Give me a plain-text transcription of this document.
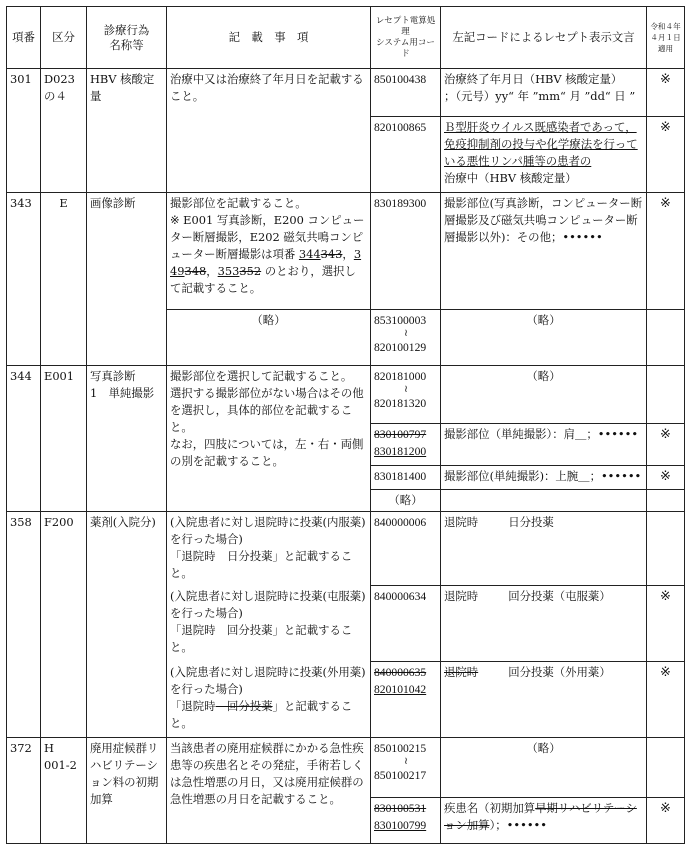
項番	区分	診療行為
名称等	記　載　事　項	レセプト電算処理
システム用コード	左記コードによるレセプト表示文言	令和４年
４月１日
適用

301	D023
の４	HBV 核酸定量	治療中又は治療終了年月日を記載すること。	850100438	治療終了年月日（HBV 核酸定量）
；（元号）yy“ 年 ”mm“ 月 ”dd“ 日 ”	※
				820100865	Ｂ型肝炎ウイルス既感染者であって，免疫抑制剤の投与や化学療法を行っている悪性リンパ腫等の患者の
治療中（HBV 核酸定量）	※
343	E	画像診断	撮影部位を記載すること。
※ E001 写真診断，E200 コンピューター断層撮影，E202 磁気共鳴コンピューター断層撮影は項番 344343，349348，353352 のとおり，選択して記載すること。	830189300	撮影部位(写真診断，コンピューター断層撮影及び磁気共鳴コンピューター断層撮影以外)：その他；••••••	※
			（略）	853100003
≀
820100129	（略）	
344	E001	写真診断
1　単純撮影	撮影部位を選択して記載すること。
選択する撮影部位がない場合はその他を選択し，具体的部位を記載すること。
なお，四肢については，左・右・両側の別を記載すること。	820181000
≀
820181320	（略）	

				830100797
830181200	撮影部位（単純撮影）：肩＿；••••••	※
				830181400	撮影部位(単純撮影)：上腕＿；••••••	※
				（略）		
358	F200	薬剤(入院分)	(入院患者に対し退院時に投薬(内服薬)を行った場合)
「退院時　日分投薬」と記載すること。	840000006	退院時 日分投薬	

			(入院患者に対し退院時に投薬(屯服薬)を行った場合)
「退院時　回分投薬」と記載すること。	840000634	退院時 回分投薬（屯服薬）	※

			(入院患者に対し退院時に投薬(外用薬)を行った場合)
「退院時　回分投薬」と記載すること。	840000635
820101042	退院時 回分投薬（外用薬）	※
372	H
001-2	廃用症候群リハビリテーション料の初期加算	当該患者の廃用症候群にかかる急性疾患等の疾患名とその発症，手術若しくは急性増悪の月日，又は廃用症候群の急性増悪の月日を記載すること。	850100215
≀
850100217	（略）	

				830100531
830100799	疾患名（初期加算早期リハビリテーション加算）；••••••	※
